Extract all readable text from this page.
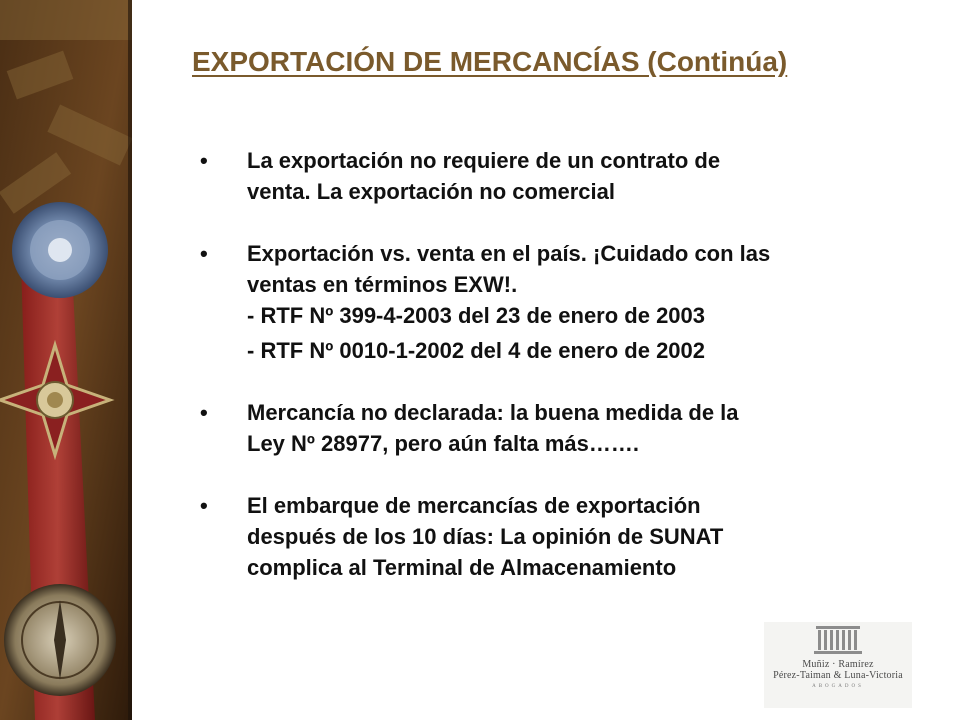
EXPORTACIÓN DE MERCANCÍAS (Continúa)
•	La exportación no requiere de un contrato de
venta. La exportación no comercial
•	Exportación vs. venta en el país. ¡Cuidado con las
ventas en términos EXW!.
- RTF Nº 399-4-2003 del 23 de enero de 2003
- RTF Nº 0010-1-2002 del 4 de enero de 2002
•	Mercancía no declarada: la buena medida de la
Ley Nº 28977, pero aún falta más…….
•	El embarque de mercancías de exportación
después de los 10 días: La opinión de SUNAT
complica al Terminal de Almacenamiento
Muñiz · Ramírez
Pérez-Taiman & Luna-Victoria
ABOGADOS
